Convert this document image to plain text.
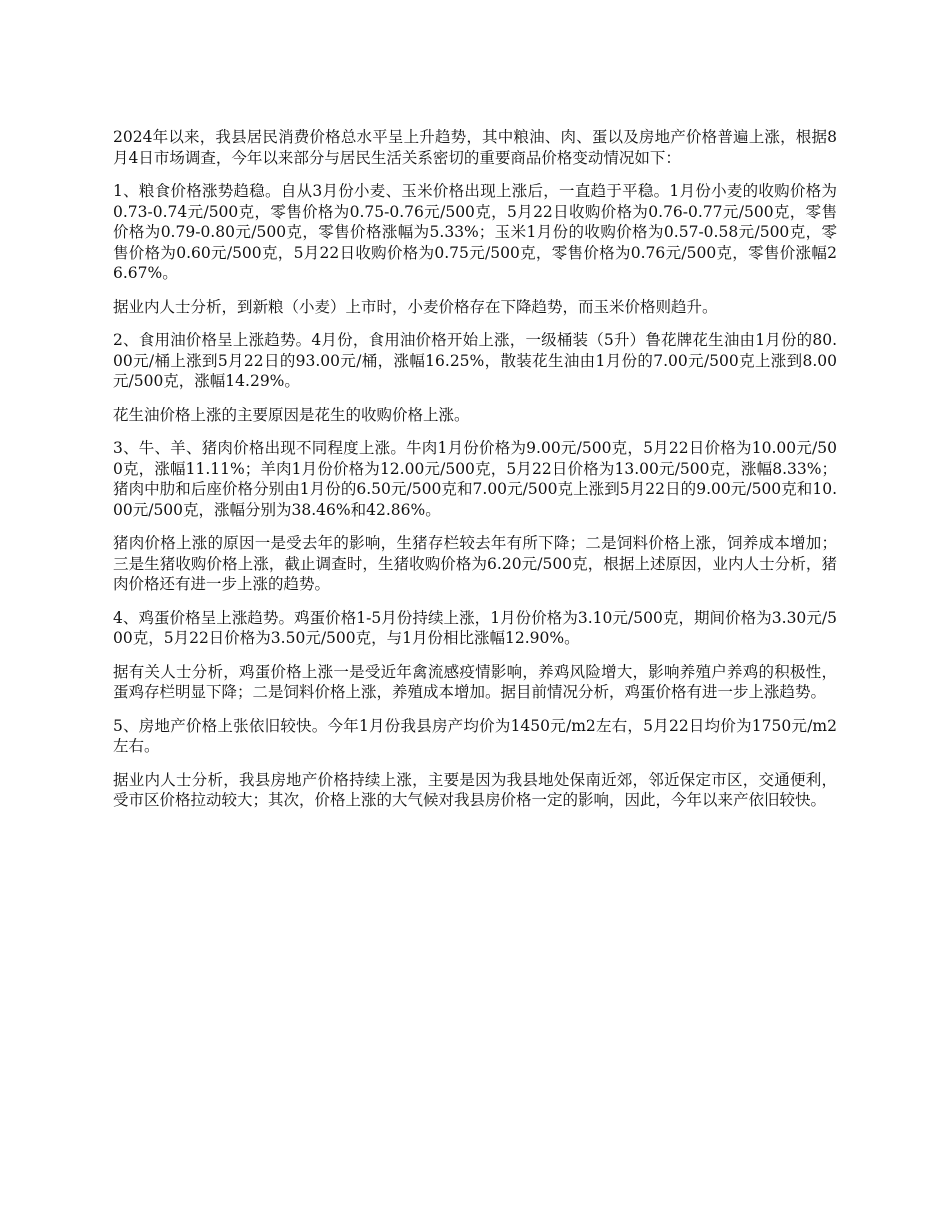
2024年以来，我县居民消费价格总水平呈上升趋势，其中粮油、肉、蛋以及房地产价格普遍上涨，根据8月4日市场调查，今年以来部分与居民生活关系密切的重要商品价格变动情况如下：

1、粮食价格涨势趋稳。自从3月份小麦、玉米价格出现上涨后，一直趋于平稳。1月份小麦的收购价格为0.73-0.74元/500克，零售价格为0.75-0.76元/500克，5月22日收购价格为0.76-0.77元/500克，零售价格为0.79-0.80元/500克，零售价格涨幅为5.33%；玉米1月份的收购价格为0.57-0.58元/500克，零售价格为0.60元/500克，5月22日收购价格为0.75元/500克，零售价格为0.76元/500克，零售价涨幅26.67%。

据业内人士分析，到新粮（小麦）上市时，小麦价格存在下降趋势，而玉米价格则趋升。

2、食用油价格呈上涨趋势。4月份，食用油价格开始上涨，一级桶装（5升）鲁花牌花生油由1月份的80.00元/桶上涨到5月22日的93.00元/桶，涨幅16.25%，散装花生油由1月份的7.00元/500克上涨到8.00元/500克，涨幅14.29%。

花生油价格上涨的主要原因是花生的收购价格上涨。

3、牛、羊、猪肉价格出现不同程度上涨。牛肉1月份价格为9.00元/500克，5月22日价格为10.00元/500克，涨幅11.11%；羊肉1月份价格为12.00元/500克，5月22日价格为13.00元/500克，涨幅8.33%；猪肉中肋和后座价格分别由1月份的6.50元/500克和7.00元/500克上涨到5月22日的9.00元/500克和10.00元/500克，涨幅分别为38.46%和42.86%。

猪肉价格上涨的原因一是受去年的影响，生猪存栏较去年有所下降；二是饲料价格上涨，饲养成本增加；三是生猪收购价格上涨，截止调查时，生猪收购价格为6.20元/500克，根据上述原因，业内人士分析，猪肉价格还有进一步上涨的趋势。

4、鸡蛋价格呈上涨趋势。鸡蛋价格1-5月份持续上涨，1月份价格为3.10元/500克，期间价格为3.30元/500克，5月22日价格为3.50元/500克，与1月份相比涨幅12.90%。

据有关人士分析，鸡蛋价格上涨一是受近年禽流感疫情影响，养鸡风险增大，影响养殖户养鸡的积极性，蛋鸡存栏明显下降；二是饲料价格上涨，养殖成本增加。据目前情况分析，鸡蛋价格有进一步上涨趋势。

5、房地产价格上张依旧较快。今年1月份我县房产均价为1450元/m2左右，5月22日均价为1750元/m2左右。

据业内人士分析，我县房地产价格持续上涨，主要是因为我县地处保南近郊，邻近保定市区，交通便利，受市区价格拉动较大；其次，价格上涨的大气候对我县房价格一定的影响，因此，今年以来产依旧较快。
